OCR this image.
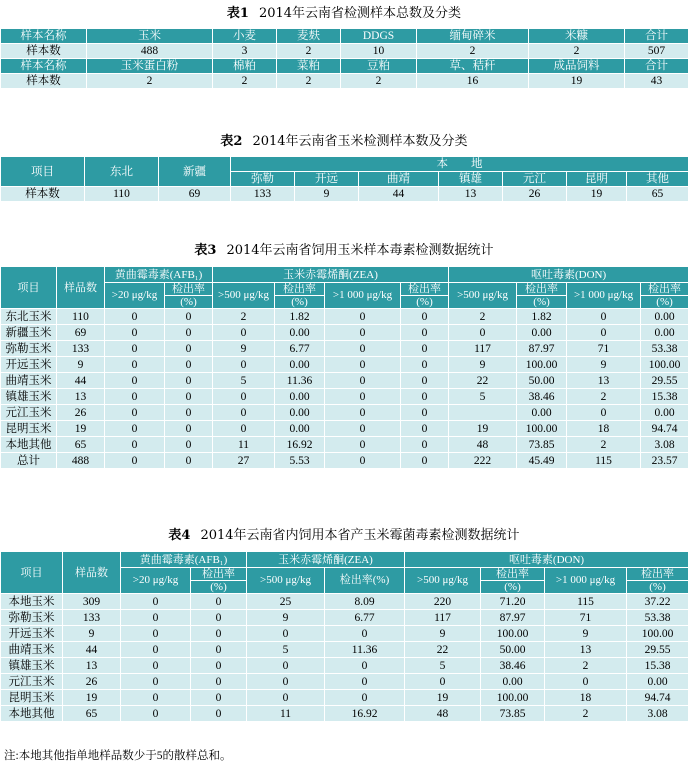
表1 2014年云南省检测样本总数及分类
样本名称	玉米	小麦	麦麸	DDGS	缅甸碎米	米糠	合计
样本数	488	3	2	10	2	2	507
样本名称	玉米蛋白粉	棉粕	菜粕	豆粕	草、秸秆	成品饲料	合计
样本数	2	2	2	2	16	19	43
表2 2014年云南省玉米检测样本数及分类
项目	东北	新疆	本　　地						
			弥勒	开远	曲靖	镇雄	元江	昆明	其他
样本数	110	69	133	9	44	13	26	19	65
表3 2014年云南省饲用玉米样本毒素检测数据统计
项目	样品数	黄曲霉毒素(AFB₁)		玉米赤霉烯酮(ZEA)				呕吐毒素(DON)			
		>20 μg/kg	检出率	>500 μg/kg	检出率	>1 000 μg/kg	检出率	>500 μg/kg	检出率	>1 000 μg/kg	检出率
			(%)		(%)		(%)		(%)		(%)
东北玉米	110	0	0	2	1.82	0	0	2	1.82	0	0.00
新疆玉米	69	0	0	0	0.00	0	0	0	0.00	0	0.00
弥勒玉米	133	0	0	9	6.77	0	0	117	87.97	71	53.38
开远玉米	9	0	0	0	0.00	0	0	9	100.00	9	100.00
曲靖玉米	44	0	0	5	11.36	0	0	22	50.00	13	29.55
镇雄玉米	13	0	0	0	0.00	0	0	5	38.46	2	15.38
元江玉米	26	0	0	0	0.00	0	0		0.00	0	0.00
昆明玉米	19	0	0	0	0.00	0	0	19	100.00	18	94.74
本地其他	65	0	0	11	16.92	0	0	48	73.85	2	3.08
总计	488	0	0	27	5.53	0	0	222	45.49	115	23.57
表4 2014年云南省内饲用本省产玉米霉菌毒素检测数据统计
项目	样品数	黄曲霉毒素(AFB₁)		玉米赤霉烯酮(ZEA)		呕吐毒素(DON)			
		>20 μg/kg	检出率	>500 μg/kg	检出率(%)	>500 μg/kg	检出率	>1 000 μg/kg	检出率
			(%)				(%)		(%)
本地玉米	309	0	0	25	8.09	220	71.20	115	37.22
弥勒玉米	133	0	0	9	6.77	117	87.97	71	53.38
开远玉米	9	0	0	0	0	9	100.00	9	100.00
曲靖玉米	44	0	0	5	11.36	22	50.00	13	29.55
镇雄玉米	13	0	0	0	0	5	38.46	2	15.38
元江玉米	26	0	0	0	0	0	0.00	0	0.00
昆明玉米	19	0	0	0	0	19	100.00	18	94.74
本地其他	65	0	0	11	16.92	48	73.85	2	3.08
注:本地其他指单地样品数少于5的散样总和。
